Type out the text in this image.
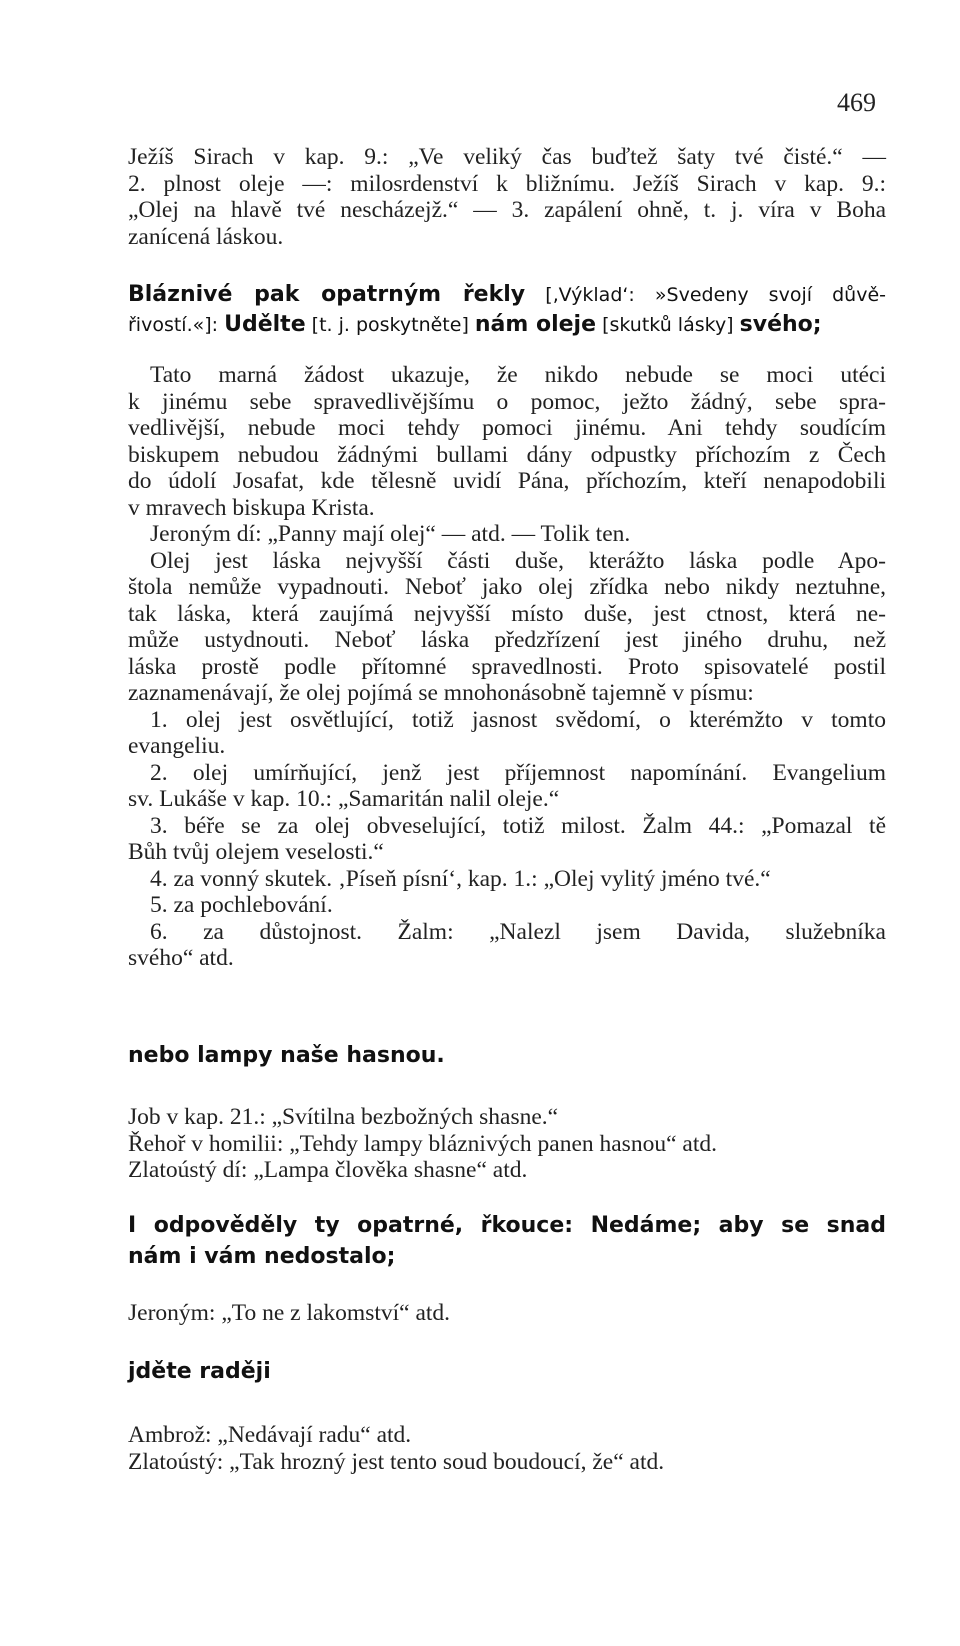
469
Ježíš Sirach v kap. 9.: „Ve veliký čas buďtež šaty tvé čisté.“ —
2. plnost oleje —: milosrdenství k bližnímu. Ježíš Sirach v kap. 9.:
„Olej na hlavě tvé nescházejž.“ — 3. zapálení ohně, t. j. víra v Boha
zanícená láskou.
Bláznivé pak opatrným řekly [‚Výklad‘: »Svedeny svojí důvě-
řivostí.«]: Udělte [t. j. poskytněte] nám oleje [skutků lásky] svého;
Tato marná žádost ukazuje, že nikdo nebude se moci utéci
k jinému sebe spravedlivějšímu o pomoc, ježto žádný, sebe spra-
vedlivější, nebude moci tehdy pomoci jinému. Ani tehdy soudícím
biskupem nebudou žádnými bullami dány odpustky příchozím z Čech
do údolí Josafat, kde tělesně uvidí Pána, příchozím, kteří nenapodobili
v mravech biskupa Krista.
Jeroným dí: „Panny mají olej“ — atd. — Tolik ten.
Olej jest láska nejvyšší části duše, kterážto láska podle Apo-
štola nemůže vypadnouti. Neboť jako olej zřídka nebo nikdy neztuhne,
tak láska, která zaujímá nejvyšší místo duše, jest ctnost, která ne-
může ustydnouti. Neboť láska předzřízení jest jiného druhu, než
láska prostě podle přítomné spravedlnosti. Proto spisovatelé postil
zaznamenávají, že olej pojímá se mnohonásobně tajemně v písmu:
1. olej jest osvětlující, totiž jasnost svědomí, o kterémžto v tomto
evangeliu.
2. olej umírňující, jenž jest příjemnost napomínání. Evangelium
sv. Lukáše v kap. 10.: „Samaritán nalil oleje.“
3. béře se za olej obveselující, totiž milost. Žalm 44.: „Pomazal tě
Bůh tvůj olejem veselosti.“
4. za vonný skutek. ‚Píseň písní‘, kap. 1.: „Olej vylitý jméno tvé.“
5. za pochlebování.
6. za důstojnost. Žalm: „Nalezl jsem Davida, služebníka
svého“ atd.
nebo lampy naše hasnou.
Job v kap. 21.: „Svítilna bezbožných shasne.“
Řehoř v homilii: „Tehdy lampy bláznivých panen hasnou“ atd.
Zlatoústý dí: „Lampa člověka shasne“ atd.
I odpověděly ty opatrné, řkouce: Nedáme; aby se snad
nám i vám nedostalo;
Jeroným: „To ne z lakomství“ atd.
jděte raději
Ambrož: „Nedávají radu“ atd.
Zlatoústý: „Tak hrozný jest tento soud boudoucí, že“ atd.
